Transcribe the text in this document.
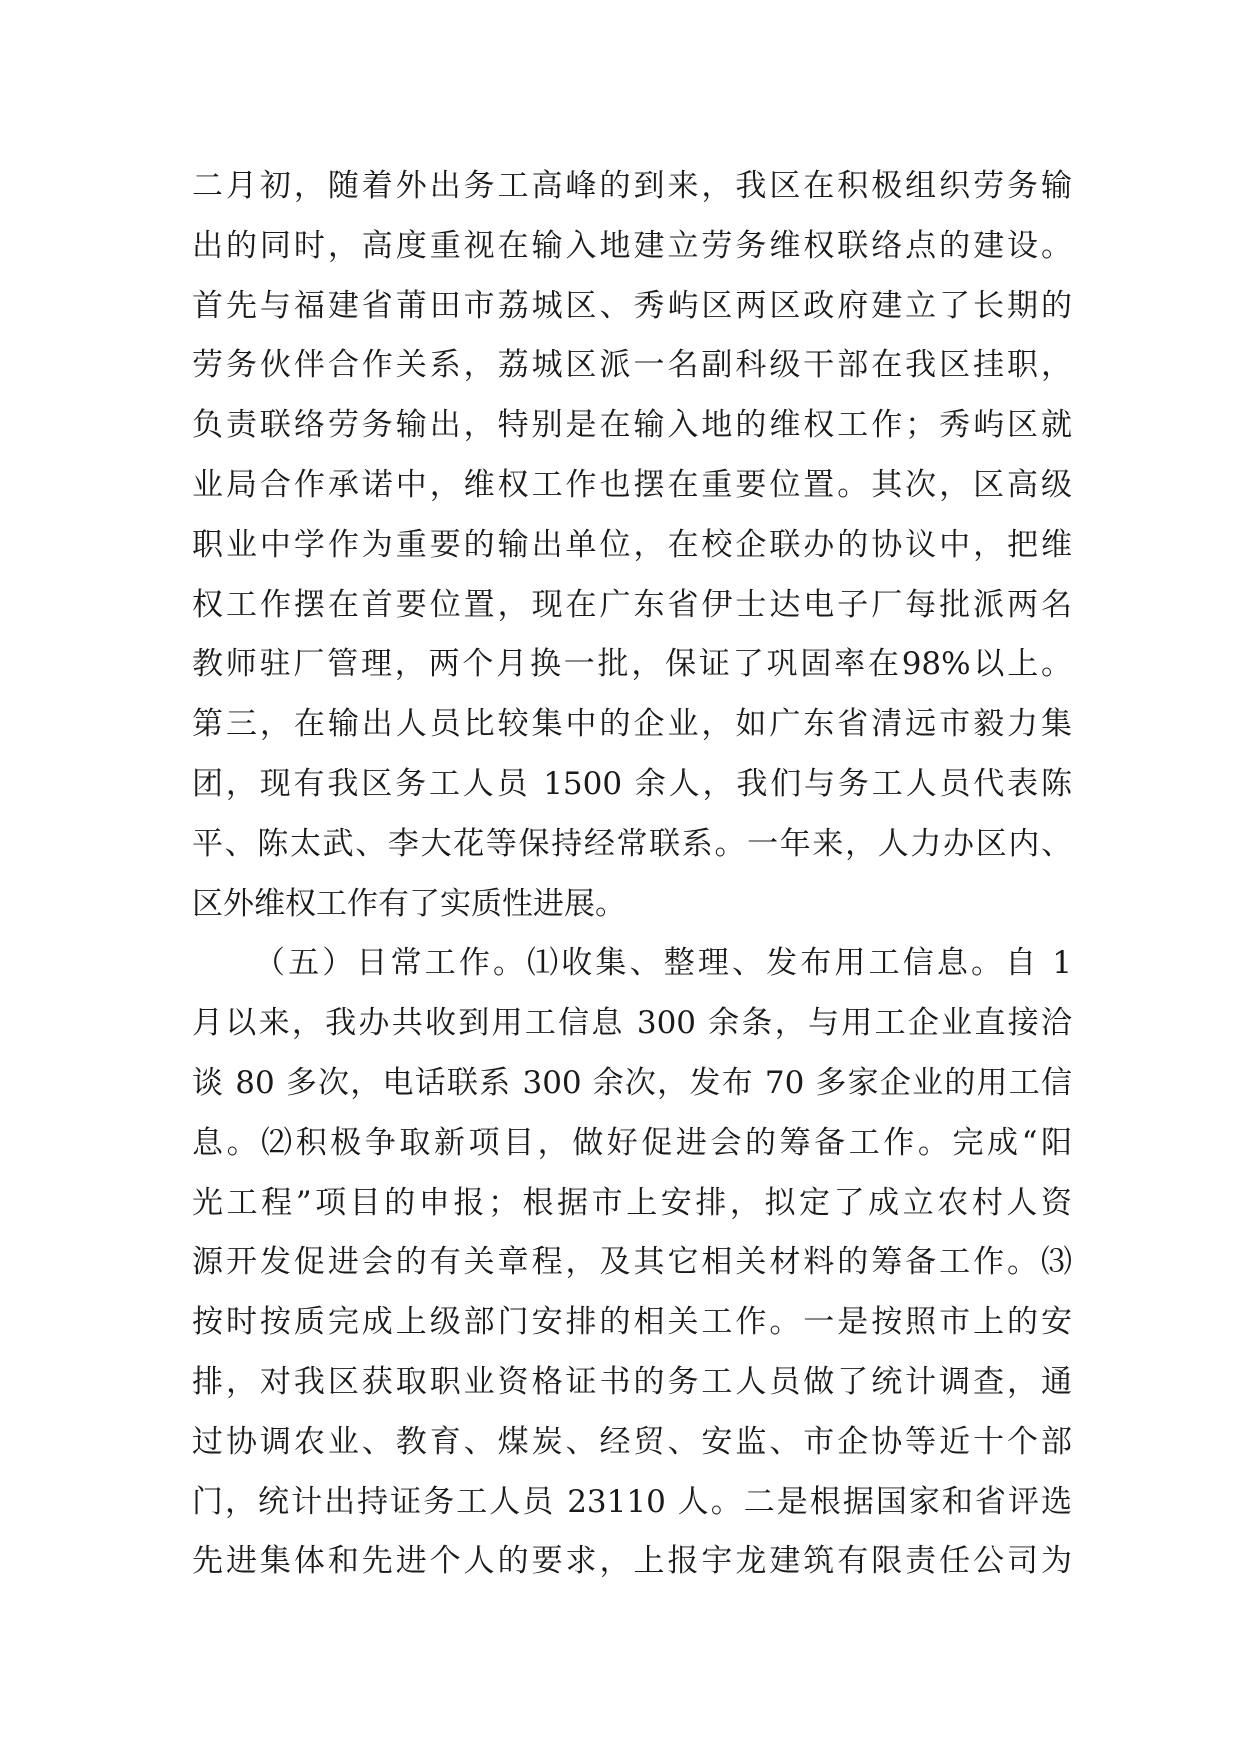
二月初，随着外出务工高峰的到来，我区在积极组织劳务输
出的同时，高度重视在输入地建立劳务维权联络点的建设。
首先与福建省莆田市荔城区、秀屿区两区政府建立了长期的
劳务伙伴合作关系，荔城区派一名副科级干部在我区挂职，
负责联络劳务输出，特别是在输入地的维权工作；秀屿区就
业局合作承诺中，维权工作也摆在重要位置。其次，区高级
职业中学作为重要的输出单位，在校企联办的协议中，把维
权工作摆在首要位置，现在广东省伊士达电子厂每批派两名
教师驻厂管理，两个月换一批，保证了巩固率在98%以上。
第三，在输出人员比较集中的企业，如广东省清远市毅力集
团，现有我区务工人员 1500 余人，我们与务工人员代表陈
平、陈太武、李大花等保持经常联系。一年来，人力办区内、
区外维权工作有了实质性进展。
（五）日常工作。⑴收集、整理、发布用工信息。自 1
月以来，我办共收到用工信息 300 余条，与用工企业直接洽
谈 80 多次，电话联系 300 余次，发布 70 多家企业的用工信
息。⑵积极争取新项目，做好促进会的筹备工作。完成“阳
光工程”项目的申报；根据市上安排，拟定了成立农村人资
源开发促进会的有关章程，及其它相关材料的筹备工作。⑶
按时按质完成上级部门安排的相关工作。一是按照市上的安
排，对我区获取职业资格证书的务工人员做了统计调查，通
过协调农业、教育、煤炭、经贸、安监、市企协等近十个部
门，统计出持证务工人员 23110 人。二是根据国家和省评选
先进集体和先进个人的要求，上报宇龙建筑有限责任公司为
